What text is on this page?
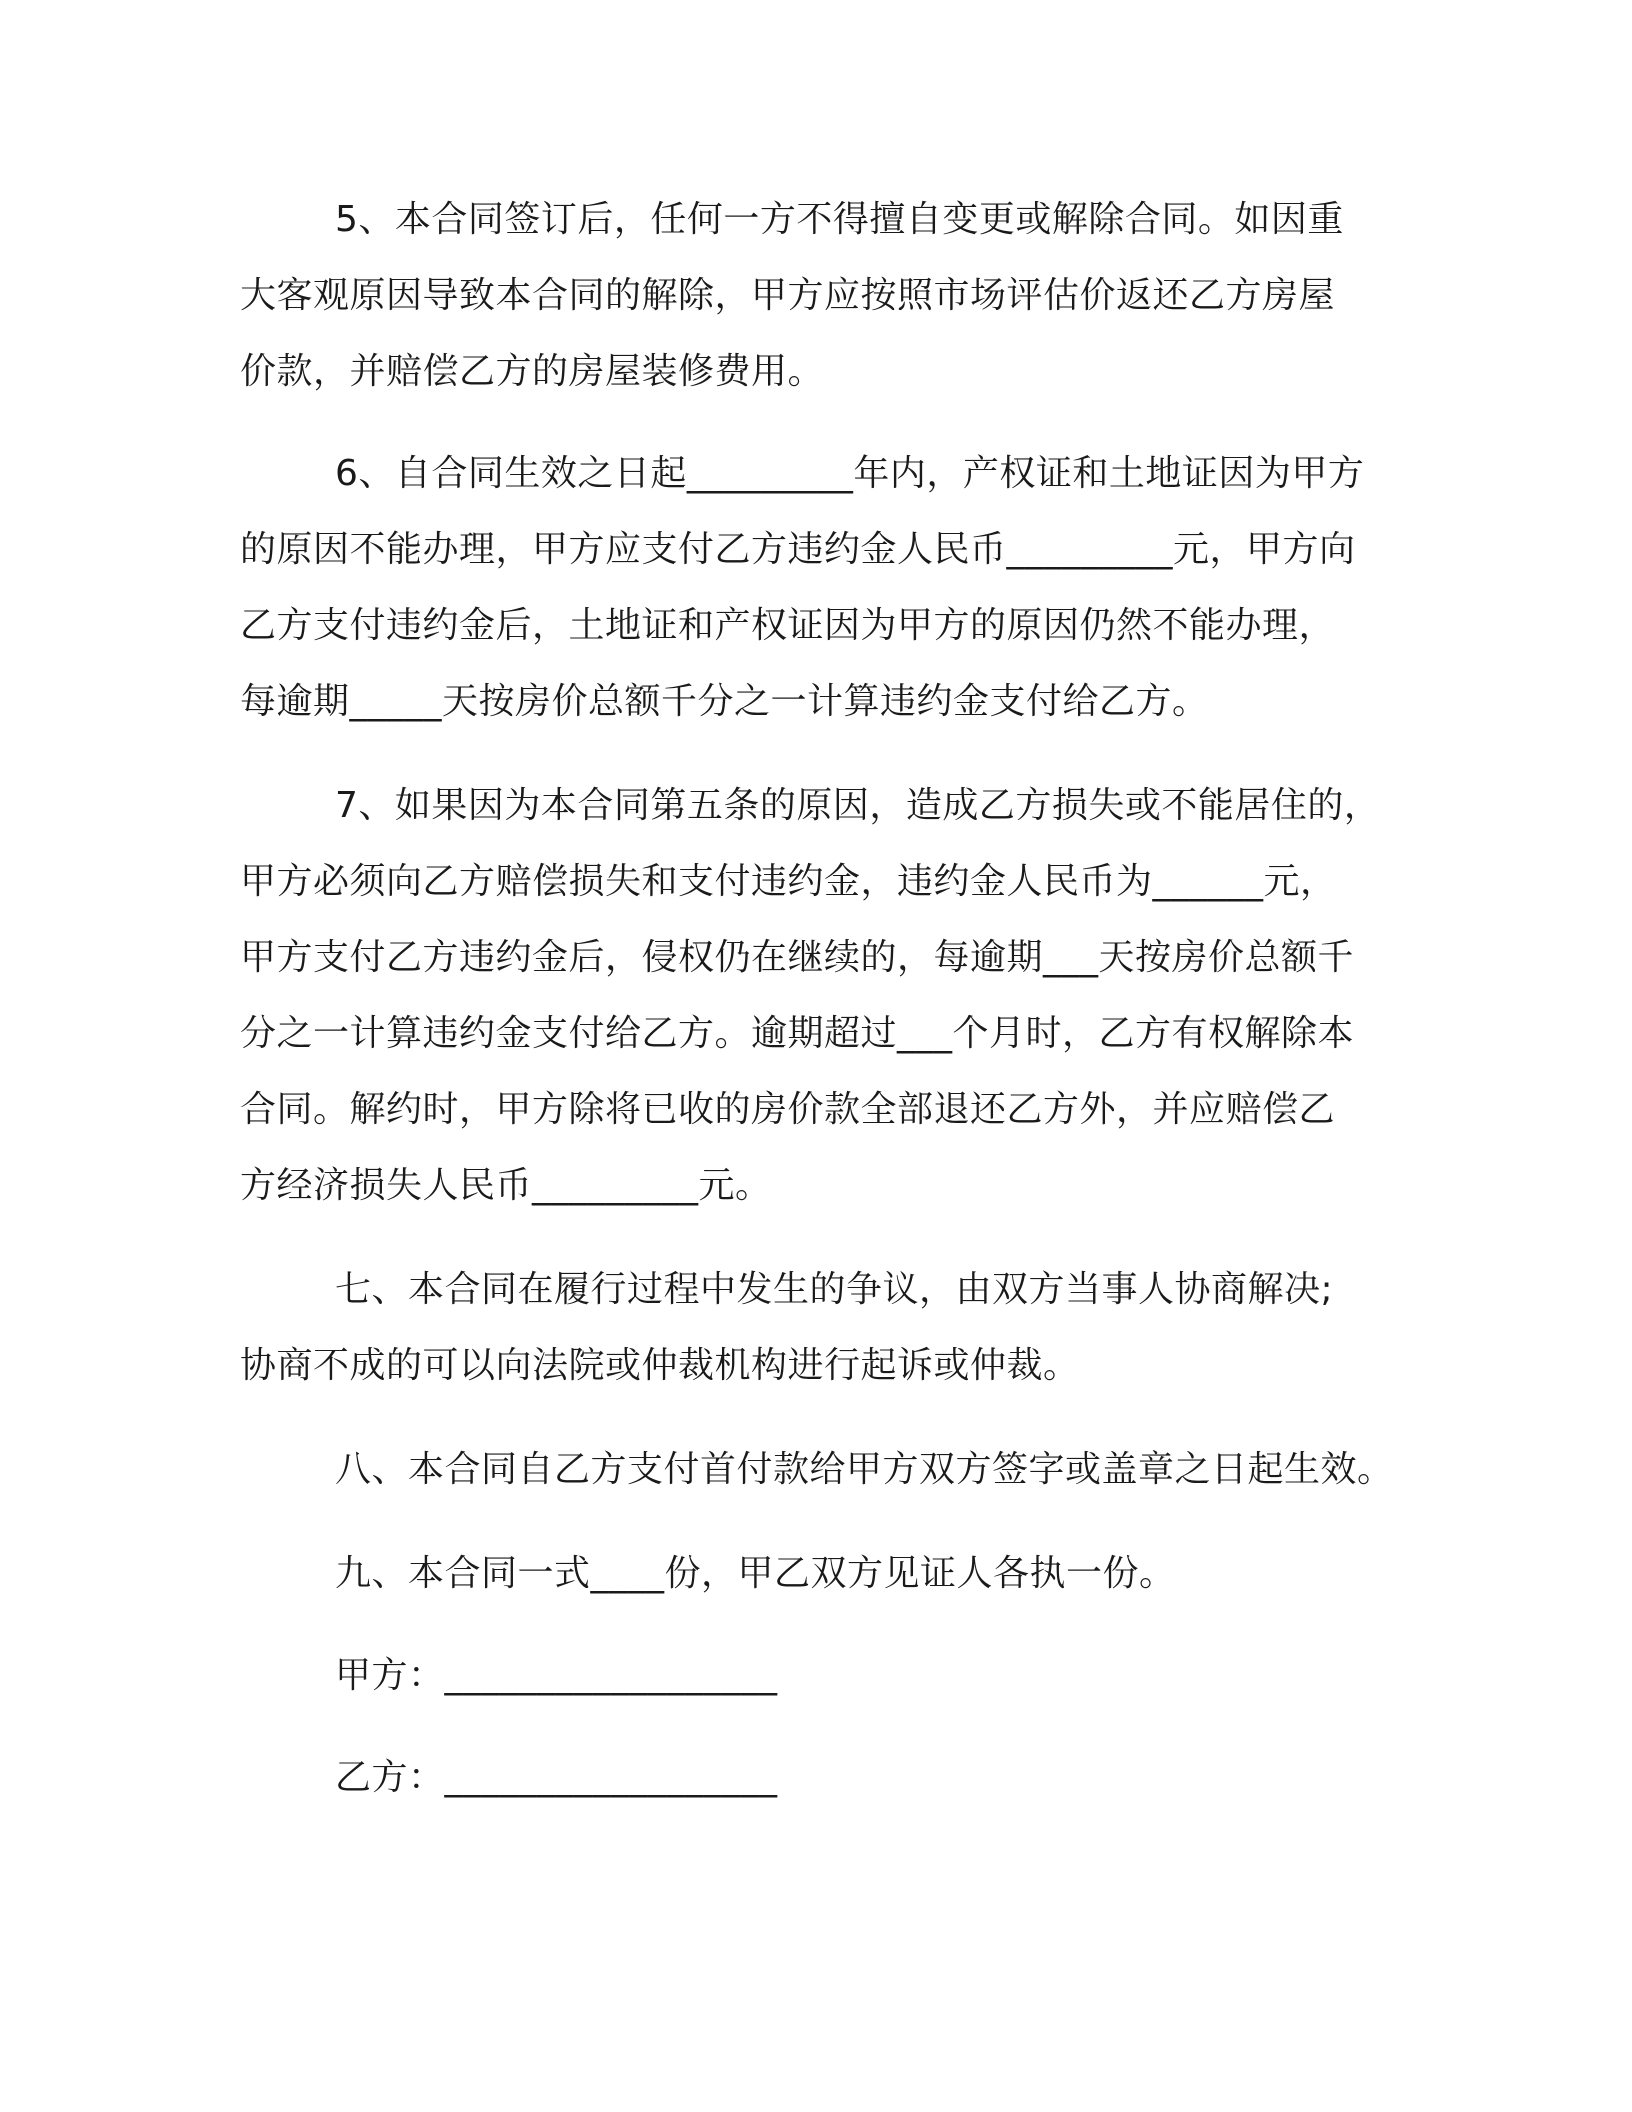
5、本合同签订后，任何一方不得擅自变更或解除合同。如因重
大客观原因导致本合同的解除，甲方应按照市场评估价返还乙方房屋
价款，并赔偿乙方的房屋装修费用。
6、自合同生效之日起_________年内，产权证和土地证因为甲方
的原因不能办理，甲方应支付乙方违约金人民币_________元，甲方向
乙方支付违约金后，土地证和产权证因为甲方的原因仍然不能办理，
每逾期_____天按房价总额千分之一计算违约金支付给乙方。
7、如果因为本合同第五条的原因，造成乙方损失或不能居住的，
甲方必须向乙方赔偿损失和支付违约金，违约金人民币为______元，
甲方支付乙方违约金后，侵权仍在继续的，每逾期___天按房价总额千
分之一计算违约金支付给乙方。逾期超过___个月时，乙方有权解除本
合同。解约时，甲方除将已收的房价款全部退还乙方外，并应赔偿乙
方经济损失人民币_________元。
七、本合同在履行过程中发生的争议，由双方当事人协商解决;
协商不成的可以向法院或仲裁机构进行起诉或仲裁。
八、本合同自乙方支付首付款给甲方双方签字或盖章之日起生效。
九、本合同一式____份，甲乙双方见证人各执一份。
甲方：__________________
乙方：__________________
